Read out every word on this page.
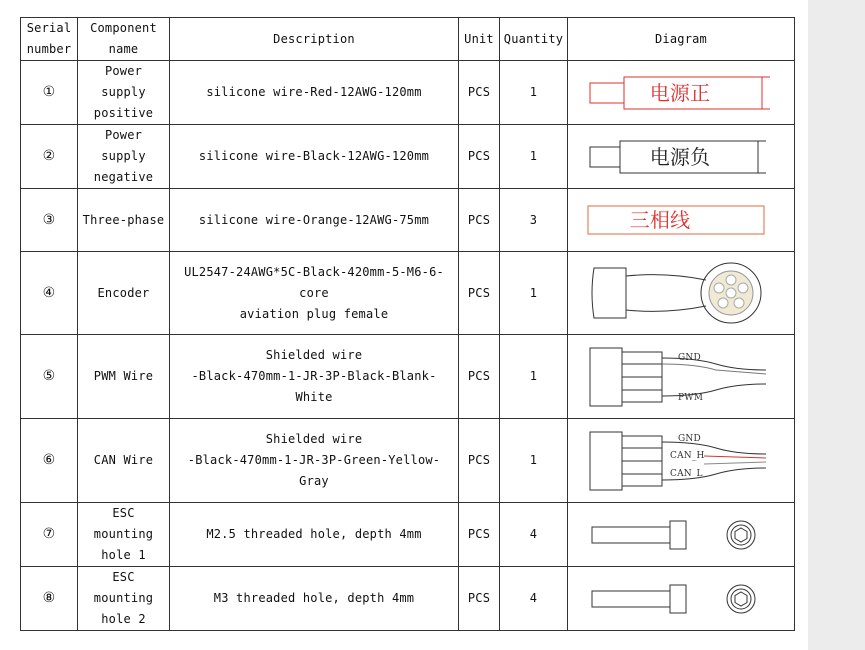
Serial
number	Component
name	Description	Unit	Quantity	Diagram
①	Power
supply
positive	silicone wire-Red-12AWG-120mm	PCS	1	电源正

②	Power
supply
negative	silicone wire-Black-12AWG-120mm	PCS	1	电源负

③	Three-phase	silicone wire-Orange-12AWG-75mm	PCS	3	三相线

④	Encoder	UL2547-24AWG*5C-Black-420mm-5-M6-6-core
aviation plug female	PCS	1	

⑤	PWM Wire	Shielded wire
-Black-470mm-1-JR-3P-Black-Blank-White	PCS	1	GND
PWM

⑥	CAN Wire	Shielded wire
-Black-470mm-1-JR-3P-Green-Yellow-Gray	PCS	1	GND
CAN_H
CAN_L

⑦	ESC
mounting
hole 1	M2.5 threaded hole, depth 4mm	PCS	4	

⑧	ESC
mounting
hole 2	M3 threaded hole, depth 4mm	PCS	4	
